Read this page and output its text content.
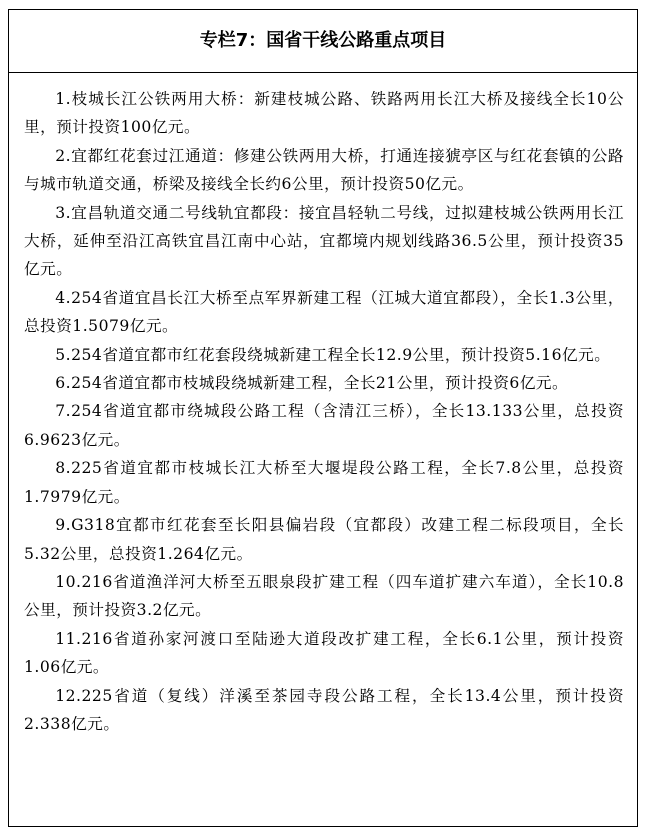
专栏7：国省干线公路重点项目

1.枝城长江公铁两用大桥：新建枝城公路、铁路两用长江大桥及接线全长10公里，预计投资100亿元。

2.宜都红花套过江通道：修建公铁两用大桥，打通连接猇亭区与红花套镇的公路与城市轨道交通，桥梁及接线全长约6公里，预计投资50亿元。

3.宜昌轨道交通二号线轨宜都段：接宜昌轻轨二号线，过拟建枝城公铁两用长江大桥，延伸至沿江高铁宜昌江南中心站，宜都境内规划线路36.5公里，预计投资35亿元。

4.254省道宜昌长江大桥至点军界新建工程（江城大道宜都段），全长1.3公里，总投资1.5079亿元。

5.254省道宜都市红花套段绕城新建工程全长12.9公里，预计投资5.16亿元。

6.254省道宜都市枝城段绕城新建工程，全长21公里，预计投资6亿元。

7.254省道宜都市绕城段公路工程（含清江三桥），全长13.133公里，总投资6.9623亿元。

8.225省道宜都市枝城长江大桥至大堰堤段公路工程，全长7.8公里，总投资1.7979亿元。

9.G318宜都市红花套至长阳县偏岩段（宜都段）改建工程二标段项目，全长5.32公里，总投资1.264亿元。

10.216省道渔洋河大桥至五眼泉段扩建工程（四车道扩建六车道），全长10.8公里，预计投资3.2亿元。

11.216省道孙家河渡口至陆逊大道段改扩建工程，全长6.1公里，预计投资1.06亿元。

12.225省道（复线）洋溪至茶园寺段公路工程，全长13.4公里，预计投资2.338亿元。
